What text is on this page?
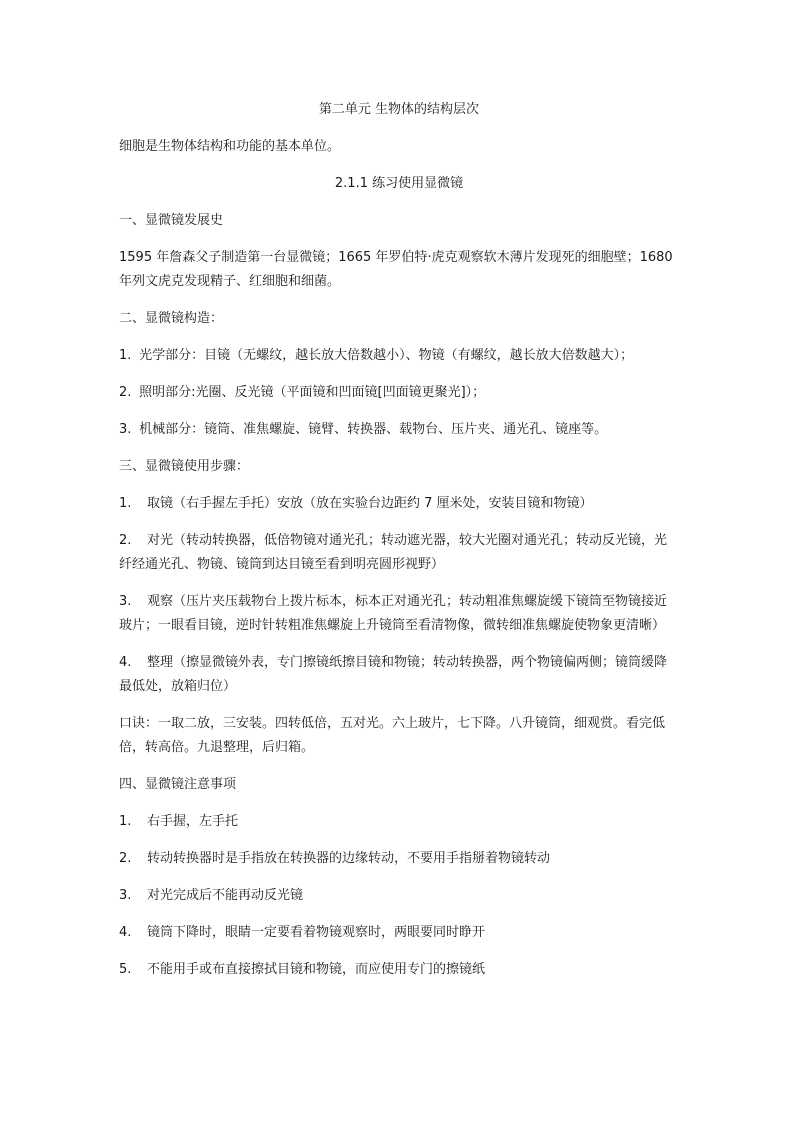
第二单元 生物体的结构层次
细胞是生物体结构和功能的基本单位。
2.1.1 练习使用显微镜
一、显微镜发展史
1595 年詹森父子制造第一台显微镜；1665 年罗伯特·虎克观察软木薄片发现死的细胞壁；1680 年列文虎克发现精子、红细胞和细菌。
二、显微镜构造：
1. 光学部分：目镜（无螺纹，越长放大倍数越小）、物镜（有螺纹，越长放大倍数越大）；
2. 照明部分:光圈、反光镜（平面镜和凹面镜[凹面镜更聚光]）；
3. 机械部分：镜筒、准焦螺旋、镜臂、转换器、载物台、压片夹、通光孔、镜座等。
三、显微镜使用步骤：
1. 取镜（右手握左手托）安放（放在实验台边距约 7 厘米处，安装目镜和物镜）
2. 对光（转动转换器，低倍物镜对通光孔；转动遮光器，较大光圈对通光孔；转动反光镜，光纤经通光孔、物镜、镜筒到达目镜至看到明亮圆形视野）
3. 观察（压片夹压载物台上拨片标本，标本正对通光孔；转动粗准焦螺旋缓下镜筒至物镜接近玻片；一眼看目镜，逆时针转粗准焦螺旋上升镜筒至看清物像，微转细准焦螺旋使物象更清晰）
4. 整理（擦显微镜外表，专门擦镜纸擦目镜和物镜；转动转换器，两个物镜偏两侧；镜筒缓降最低处，放箱归位）
口诀：一取二放，三安装。四转低倍，五对光。六上玻片，七下降。八升镜筒，细观赏。看完低倍，转高倍。九退整理，后归箱。
四、显微镜注意事项
1. 右手握，左手托
2. 转动转换器时是手指放在转换器的边缘转动，不要用手指掰着物镜转动
3. 对光完成后不能再动反光镜
4. 镜筒下降时，眼睛一定要看着物镜观察时，两眼要同时睁开
5. 不能用手或布直接擦拭目镜和物镜，而应使用专门的擦镜纸
